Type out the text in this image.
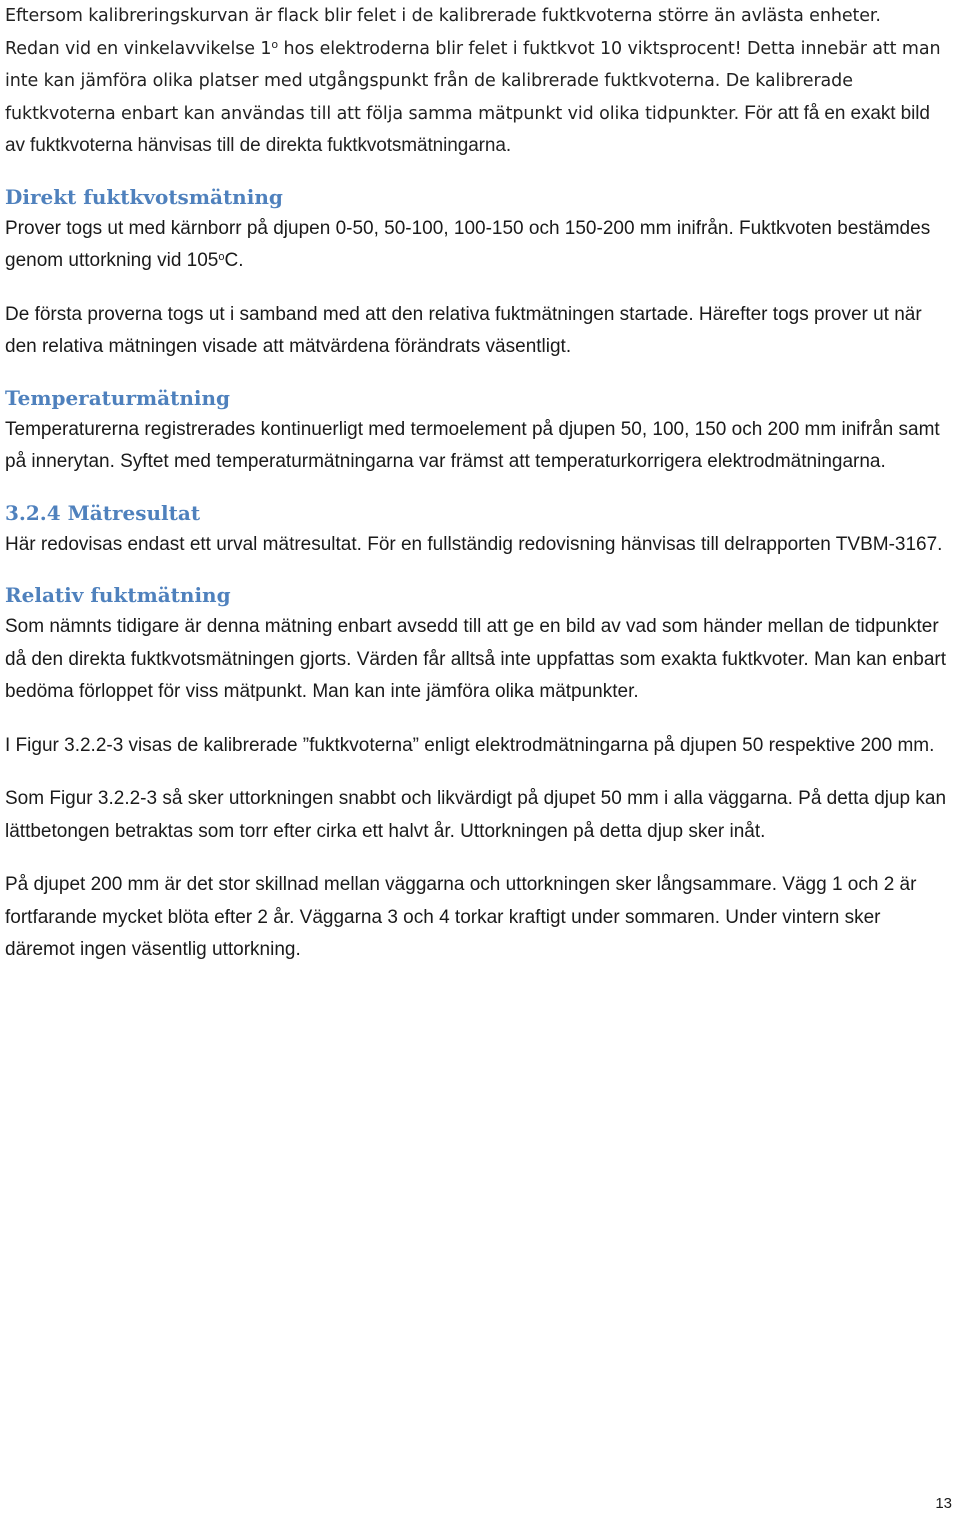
Eftersom kalibreringskurvan är flack blir felet i de kalibrerade fuktkvoterna större än avlästa enheter.
Redan vid en vinkelavvikelse 1$^o$ hos elektroderna blir felet i fuktkvot 10 viktsprocent! Detta innebär att man inte kan jämföra olika platser med utgångspunkt från de kalibrerade fuktkvoterna. De kalibrerade fuktkvoterna enbart kan användas till att följa samma mätpunkt vid olika tidpunkter. För att få en exakt bild av fuktkvoterna hänvisas till de direkta fuktkvotsmätningarna.

Direkt fuktkvotsmätning

Prover togs ut med kärnborr på djupen 0-50, 50-100, 100-150 och 150-200 mm inifrån. Fuktkvoten bestämdes genom uttorkning vid 105$^o$C.

De första proverna togs ut i samband med att den relativa fuktmätningen startade. Härefter togs prover ut när den relativa mätningen visade att mätvärdena förändrats väsentligt.

Temperaturmätning

Temperaturerna registrerades kontinuerligt med termoelement på djupen 50, 100, 150 och 200 mm inifrån samt på innerytan. Syftet med temperaturmätningarna var främst att temperaturkorrigera elektrodmätningarna.

3.2.4 Mätresultat

Här redovisas endast ett urval mätresultat. För en fullständig redovisning hänvisas till delrapporten TVBM-3167.

Relativ fuktmätning

Som nämnts tidigare är denna mätning enbart avsedd till att ge en bild av vad som händer mellan de tidpunkter då den direkta fuktkvotsmätningen gjorts. Värden får alltså inte uppfattas som exakta fuktkvoter. Man kan enbart bedöma förloppet för viss mätpunkt. Man kan inte jämföra olika mätpunkter.

I Figur 3.2.2-3 visas de kalibrerade ”fuktkvoterna” enligt elektrodmätningarna på djupen 50 respektive 200 mm.

Som Figur 3.2.2-3 så sker uttorkningen snabbt och likvärdigt på djupet 50 mm i alla väggarna. På detta djup kan lättbetongen betraktas som torr efter cirka ett halvt år. Uttorkningen på detta djup sker inåt.

På djupet 200 mm är det stor skillnad mellan väggarna och uttorkningen sker långsammare. Vägg 1 och 2 är fortfarande mycket blöta efter 2 år. Väggarna 3 och 4 torkar kraftigt under sommaren. Under vintern sker däremot ingen väsentlig uttorkning.

13
